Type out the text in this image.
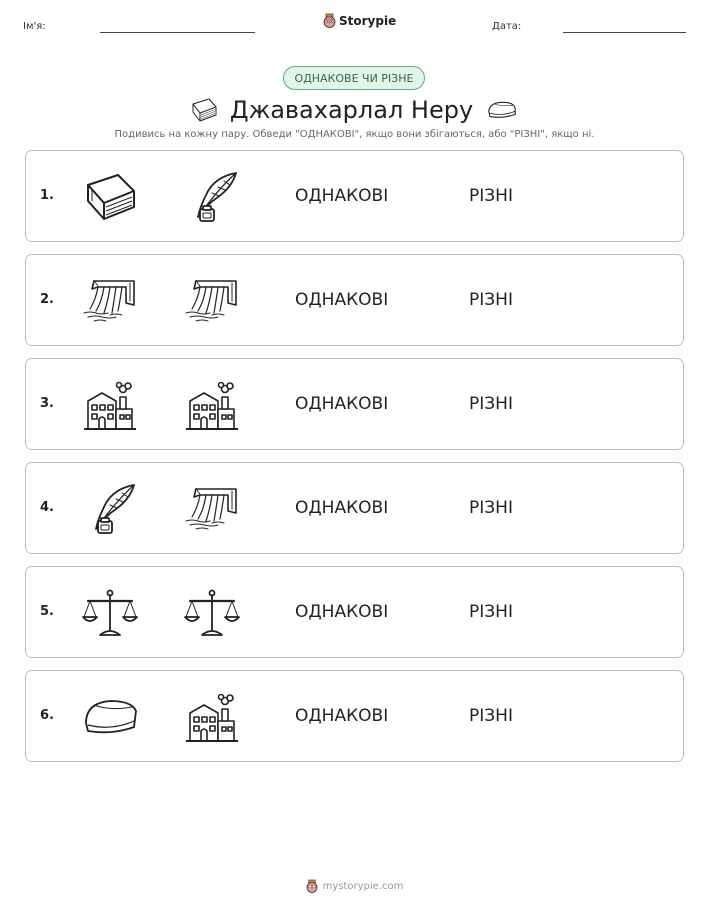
Ім'я:	Storypie	Дата:
ОДНАКОВЕ ЧИ РІЗНЕ
Джавахарлал Неру
Подивись на кожну пару. Обведи "ОДНАКОВІ", якщо вони збігаються, або "РІЗНІ", якщо ні.
1.	ОДНАКОВІ	РІЗНІ
2.	ОДНАКОВІ	РІЗНІ
3.	ОДНАКОВІ	РІЗНІ
4.	ОДНАКОВІ	РІЗНІ
5.	ОДНАКОВІ	РІЗНІ
6.	ОДНАКОВІ	РІЗНІ
mystorypie.com
